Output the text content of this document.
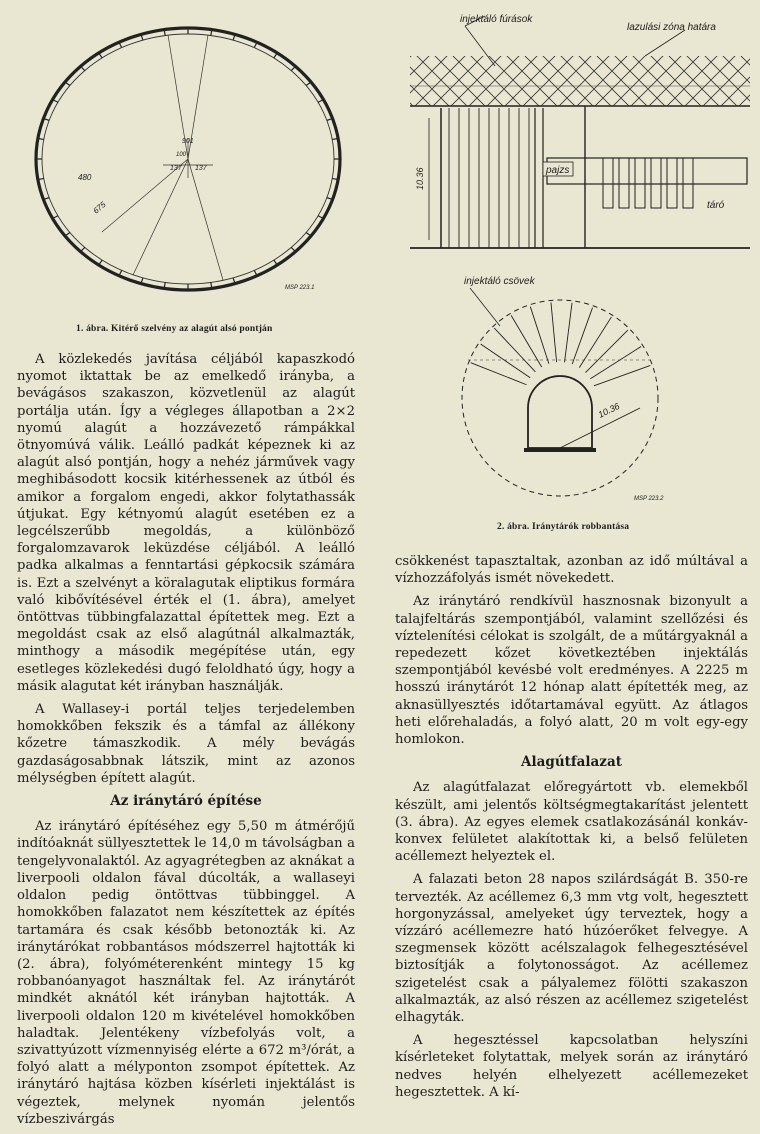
901
480
137 137
100
675
MSP 223.1
1. ábra. Kitérő szelvény az alagút alsó pontján
injektáló fúrások
lazulási zóna határa
10.36	pajzs
táró
injektáló csövek
10.36
MSP 223.2
2. ábra. Iránytárók robbantása

A közlekedés javítása céljából kapaszkodó nyomot iktattak be az emelkedő irányba, a bevágásos szakaszon, közvetlenül az alagút portálja után. Így a végleges állapotban a 2×2 nyomú alagút a hozzávezető rámpákkal ötnyomúvá válik. Leálló padkát képeznek ki az alagút alsó pontján, hogy a nehéz járművek vagy meghibásodott kocsik kitérhessenek az útból és amikor a forgalom engedi, akkor folytathassák útjukat. Egy kétnyomú alagút esetében ez a legcélszerűbb megoldás, a különböző forgalomzavarok leküzdése céljából. A leálló padka alkalmas a fenntartási gépkocsik számára is. Ezt a szelvényt a köralagutak eliptikus formára való kibővítésével érték el (1. ábra), amelyet öntöttvas tübbingfalazattal építettek meg. Ezt a megoldást csak az első alagútnál alkalmazták, minthogy a második megépítése után, egy esetleges közlekedési dugó feloldható úgy, hogy a másik alagutat két irányban használják.

A Wallasey-i portál teljes terjedelemben homokkőben fekszik és a támfal az állékony kőzetre támaszkodik. A mély bevágás gazdaságosabbnak látszik, mint az azonos mélységben épített alagút.

Az iránytáró építése

Az iránytáró építéséhez egy 5,50 m átmérőjű indítóaknát süllyesztettek le 14,0 m távolságban a tengelyvonalaktól. Az agyagrétegben az aknákat a liverpooli oldalon fával dúcolták, a wallaseyi oldalon pedig öntöttvas tübbinggel. A homokkőben falazatot nem készítettek az építés tartamára és csak később betonozták ki. Az iránytárókat robbantásos módszerrel hajtották ki (2. ábra), folyóméterenként mintegy 15 kg robbanóanyagot használtak fel. Az iránytárót mindkét aknától két irányban hajtották. A liverpooli oldalon 120 m kivételével homokkőben haladtak. Jelentékeny vízbefolyás volt, a szivattyúzott vízmennyiség elérte a 672 m³/órát, a folyó alatt a mélyponton zsompot építettek. Az iránytáró hajtása közben kísérleti injektálást is végeztek, melynek nyomán jelentős vízbeszivárgás

csökkenést tapasztaltak, azonban az idő múltával a vízhozzáfolyás ismét növekedett.

Az iránytáró rendkívül hasznosnak bizonyult a talajfeltárás szempontjából, valamint szellőzési és víztelenítési célokat is szolgált, de a műtárgyaknál a repedezett kőzet következtében injektálás szempontjából kevésbé volt eredményes. A 2225 m hosszú iránytárót 12 hónap alatt építették meg, az aknasüllyesztés időtartamával együtt. Az átlagos heti előrehaladás, a folyó alatt, 20 m volt egy-egy homlokon.

Alagútfalazat

Az alagútfalazat előregyártott vb. elemekből készült, ami jelentős költségmegtakarítást jelentett (3. ábra). Az egyes elemek csatlakozásánál konkáv-konvex felületet alakítottak ki, a belső felületen acéllemezt helyeztek el.

A falazati beton 28 napos szilárdságát B. 350-re tervezték. Az acéllemez 6,3 mm vtg volt, hegesztett horgonyzással, amelyeket úgy terveztek, hogy a vízzáró acéllemezre ható húzóerőket felvegye. A szegmensek között acélszalagok felhegesztésével biztosítják a folytonosságot. Az acéllemez szigetelést csak a pályalemez fölötti szakaszon alkalmazták, az alsó részen az acéllemez szigetelést elhagyták.

A hegesztéssel kapcsolatban helyszíni kísérleteket folytattak, melyek során az iránytáró nedves helyén elhelyezett acéllemezeket hegesztettek. A kí-
